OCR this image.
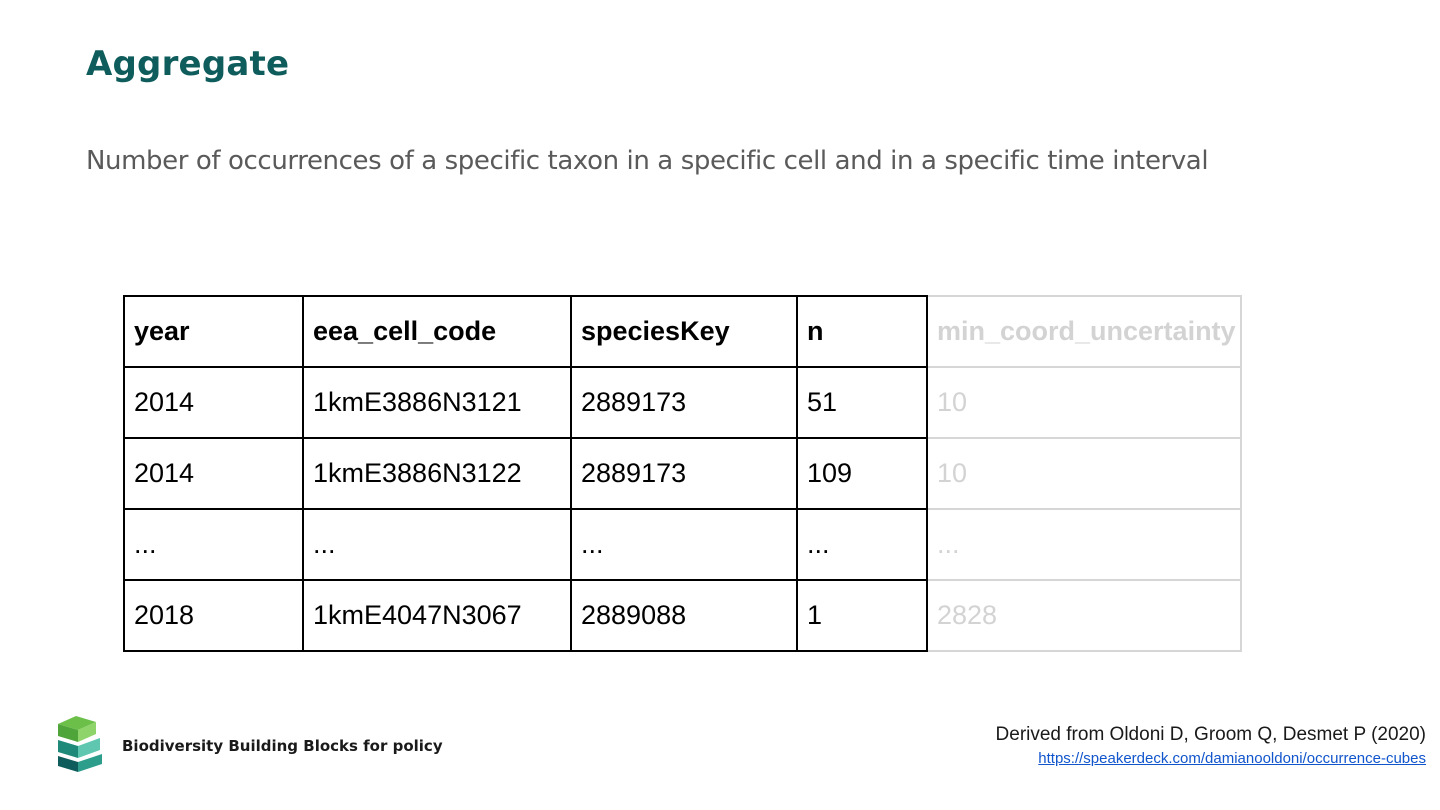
Aggregate
Number of occurrences of a specific taxon in a specific cell and in a specific time interval
year	eea_cell_code	speciesKey	n	min_coord_uncertainty
2014	1kmE3886N3121	2889173	51	10
2014	1kmE3886N3122	2889173	109	10
...	...	...	...	...
2018	1kmE4047N3067	2889088	1	2828
Biodiversity Building Blocks for policy
Derived from Oldoni D, Groom Q, Desmet P (2020)
https://speakerdeck.com/damianooldoni/occurrence-cubes
